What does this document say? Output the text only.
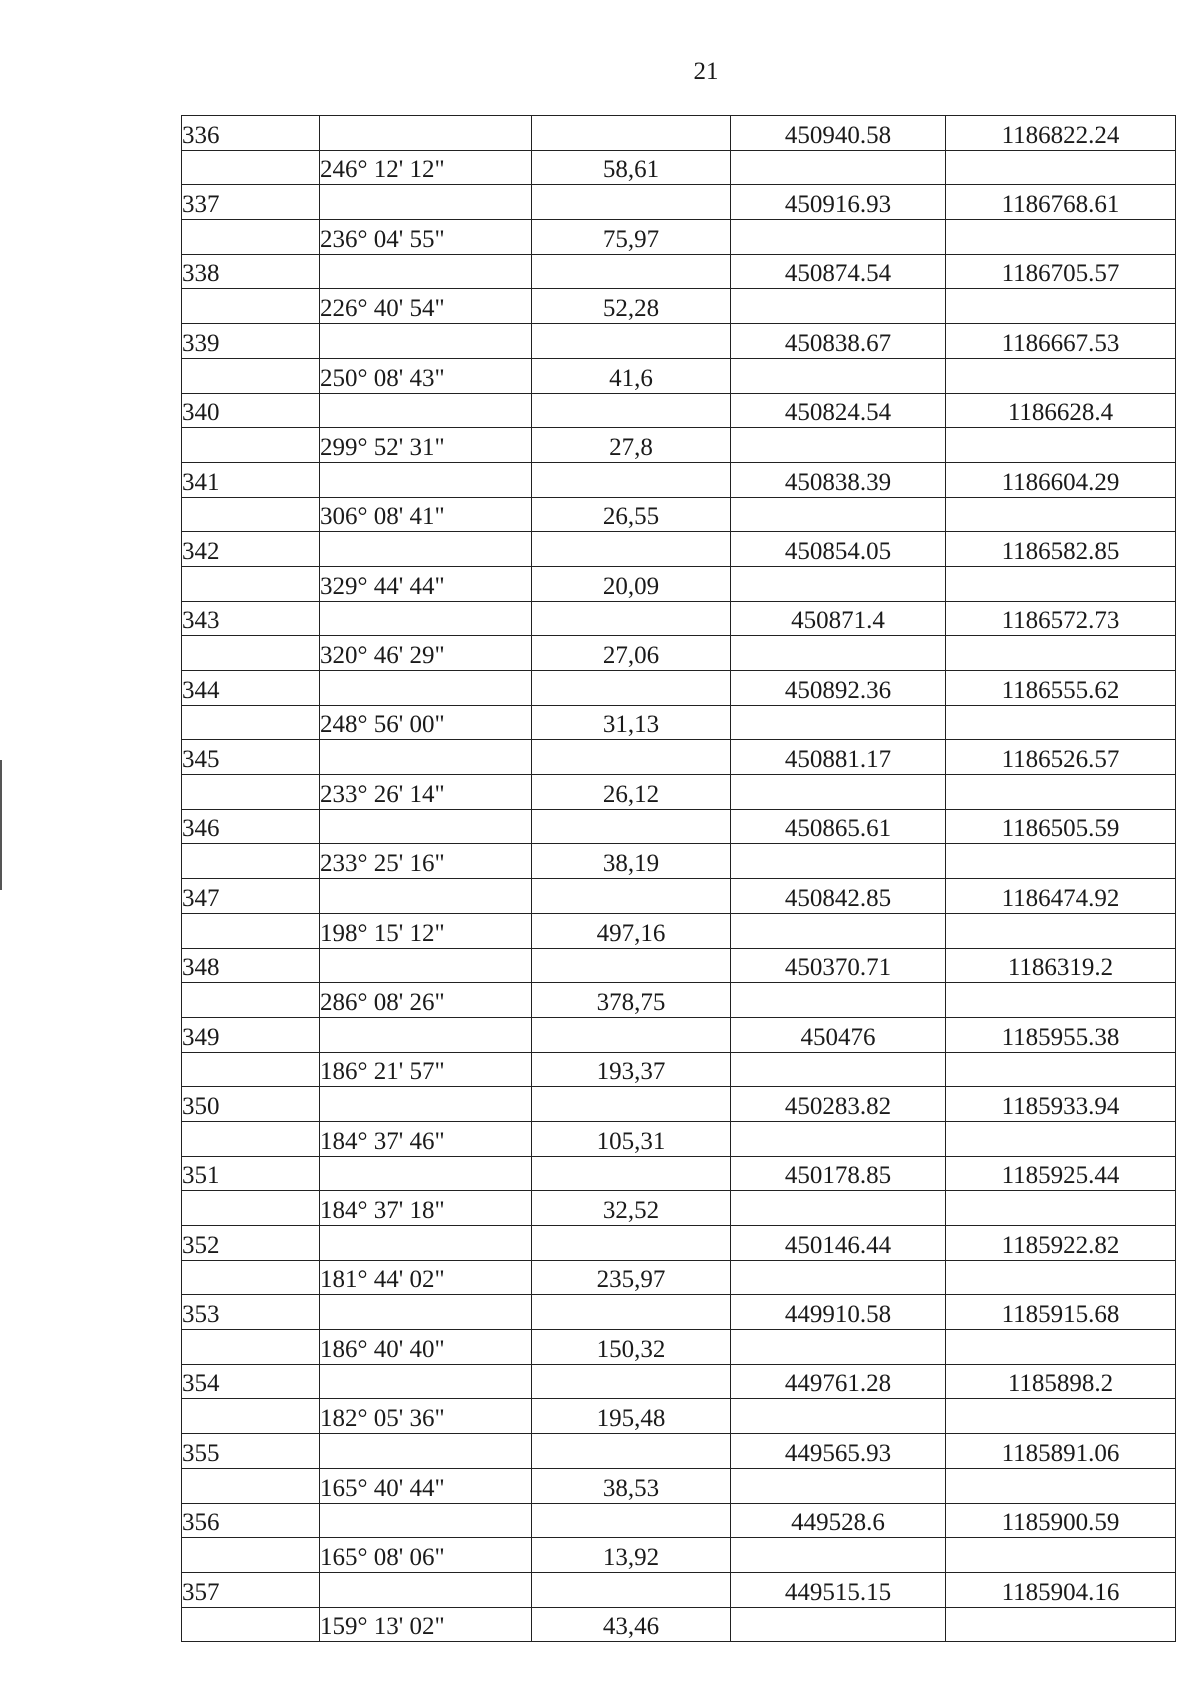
21
336			450940.58	1186822.24
	246° 12' 12"	58,61		
337			450916.93	1186768.61
	236° 04' 55"	75,97		
338			450874.54	1186705.57
	226° 40' 54"	52,28		
339			450838.67	1186667.53
	250° 08' 43"	41,6		
340			450824.54	1186628.4
	299° 52' 31"	27,8		
341			450838.39	1186604.29
	306° 08' 41"	26,55		
342			450854.05	1186582.85
	329° 44' 44"	20,09		
343			450871.4	1186572.73
	320° 46' 29"	27,06		
344			450892.36	1186555.62
	248° 56' 00"	31,13		
345			450881.17	1186526.57
	233° 26' 14"	26,12		
346			450865.61	1186505.59
	233° 25' 16"	38,19		
347			450842.85	1186474.92
	198° 15' 12"	497,16		
348			450370.71	1186319.2
	286° 08' 26"	378,75		
349			450476	1185955.38
	186° 21' 57"	193,37		
350			450283.82	1185933.94
	184° 37' 46"	105,31		
351			450178.85	1185925.44
	184° 37' 18"	32,52		
352			450146.44	1185922.82
	181° 44' 02"	235,97		
353			449910.58	1185915.68
	186° 40' 40"	150,32		
354			449761.28	1185898.2
	182° 05' 36"	195,48		
355			449565.93	1185891.06
	165° 40' 44"	38,53		
356			449528.6	1185900.59
	165° 08' 06"	13,92		
357			449515.15	1185904.16
	159° 13' 02"	43,46		
